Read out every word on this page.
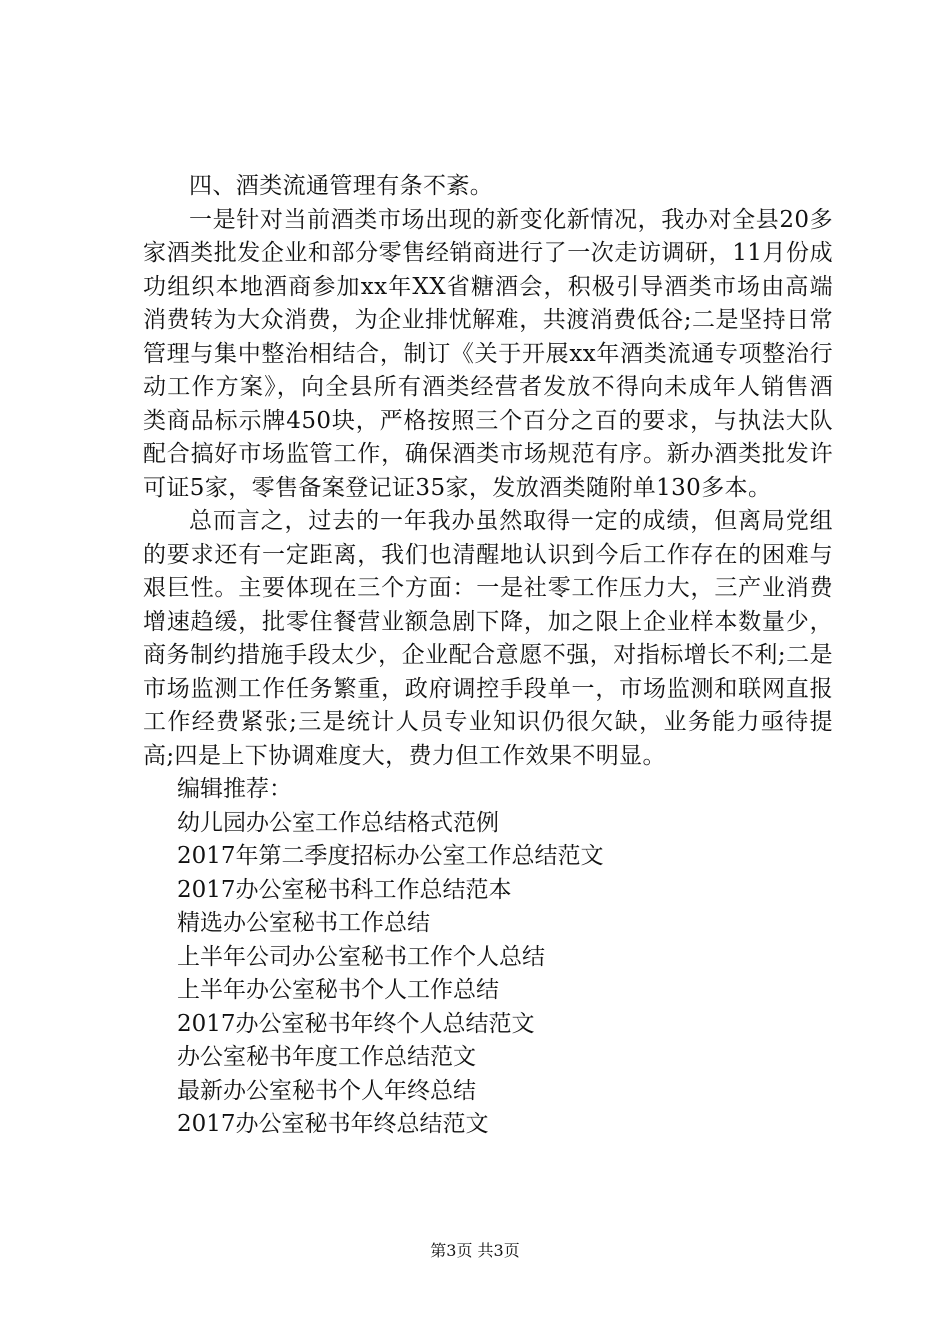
四、酒类流通管理有条不紊。

一是针对当前酒类市场出现的新变化新情况，我办对全县20多家酒类批发企业和部分零售经销商进行了一次走访调研，11月份成功组织本地酒商参加xx年XX省糖酒会，积极引导酒类市场由高端消费转为大众消费，为企业排忧解难，共渡消费低谷;二是坚持日常管理与集中整治相结合，制订《关于开展xx年酒类流通专项整治行动工作方案》，向全县所有酒类经营者发放不得向未成年人销售酒类商品标示牌450块，严格按照三个百分之百的要求，与执法大队配合搞好市场监管工作，确保酒类市场规范有序。新办酒类批发许可证5家，零售备案登记证35家，发放酒类随附单130多本。

总而言之，过去的一年我办虽然取得一定的成绩，但离局党组的要求还有一定距离，我们也清醒地认识到今后工作存在的困难与艰巨性。主要体现在三个方面：一是社零工作压力大，三产业消费增速趋缓，批零住餐营业额急剧下降，加之限上企业样本数量少，商务制约措施手段太少，企业配合意愿不强，对指标增长不利;二是市场监测工作任务繁重，政府调控手段单一，市场监测和联网直报工作经费紧张;三是统计人员专业知识仍很欠缺，业务能力亟待提高;四是上下协调难度大，费力但工作效果不明显。

编辑推荐：

幼儿园办公室工作总结格式范例
2017年第二季度招标办公室工作总结范文
2017办公室秘书科工作总结范本
精选办公室秘书工作总结
上半年公司办公室秘书工作个人总结
上半年办公室秘书个人工作总结
2017办公室秘书年终个人总结范文
办公室秘书年度工作总结范文
最新办公室秘书个人年终总结
2017办公室秘书年终总结范文
第3页 共3页
